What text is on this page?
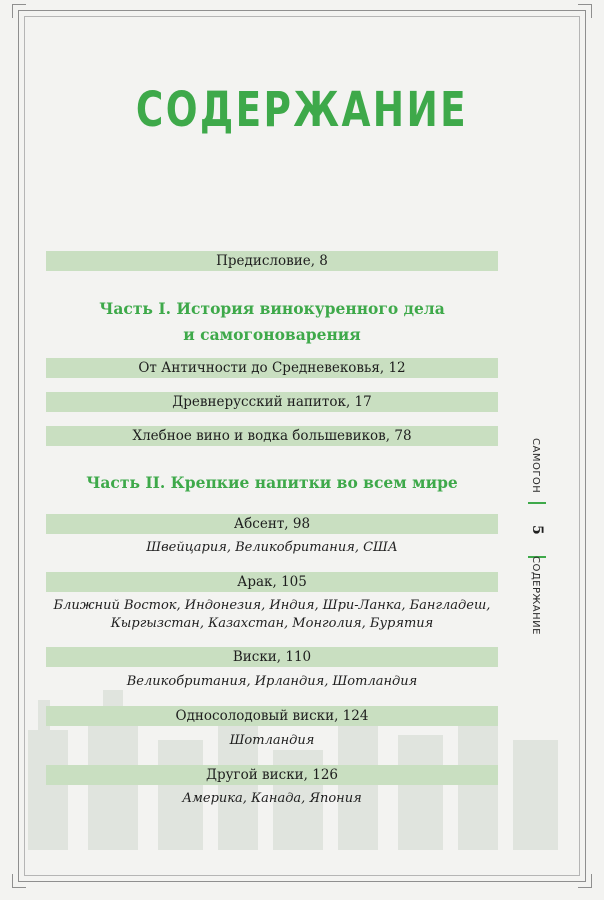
СОДЕРЖАНИЕ
Предисловие, 8
Часть I. История винокуренного дела
и самогоноварения
От Античности до Средневековья, 12
Древнерусский напиток, 17
Хлебное вино и водка большевиков, 78
Часть II. Крепкие напитки во всем мире
Абсент, 98
Швейцария, Великобритания, США
Арак, 105
Ближний Восток, Индонезия, Индия, Шри-Ланка, Бангладеш,
Кыргызстан, Казахстан, Монголия, Бурятия
Виски, 110
Великобритания, Ирландия, Шотландия
Односолодовый виски, 124
Шотландия
Другой виски, 126
Америка, Канада, Япония
САМОГОН
5
СОДЕРЖАНИЕ
